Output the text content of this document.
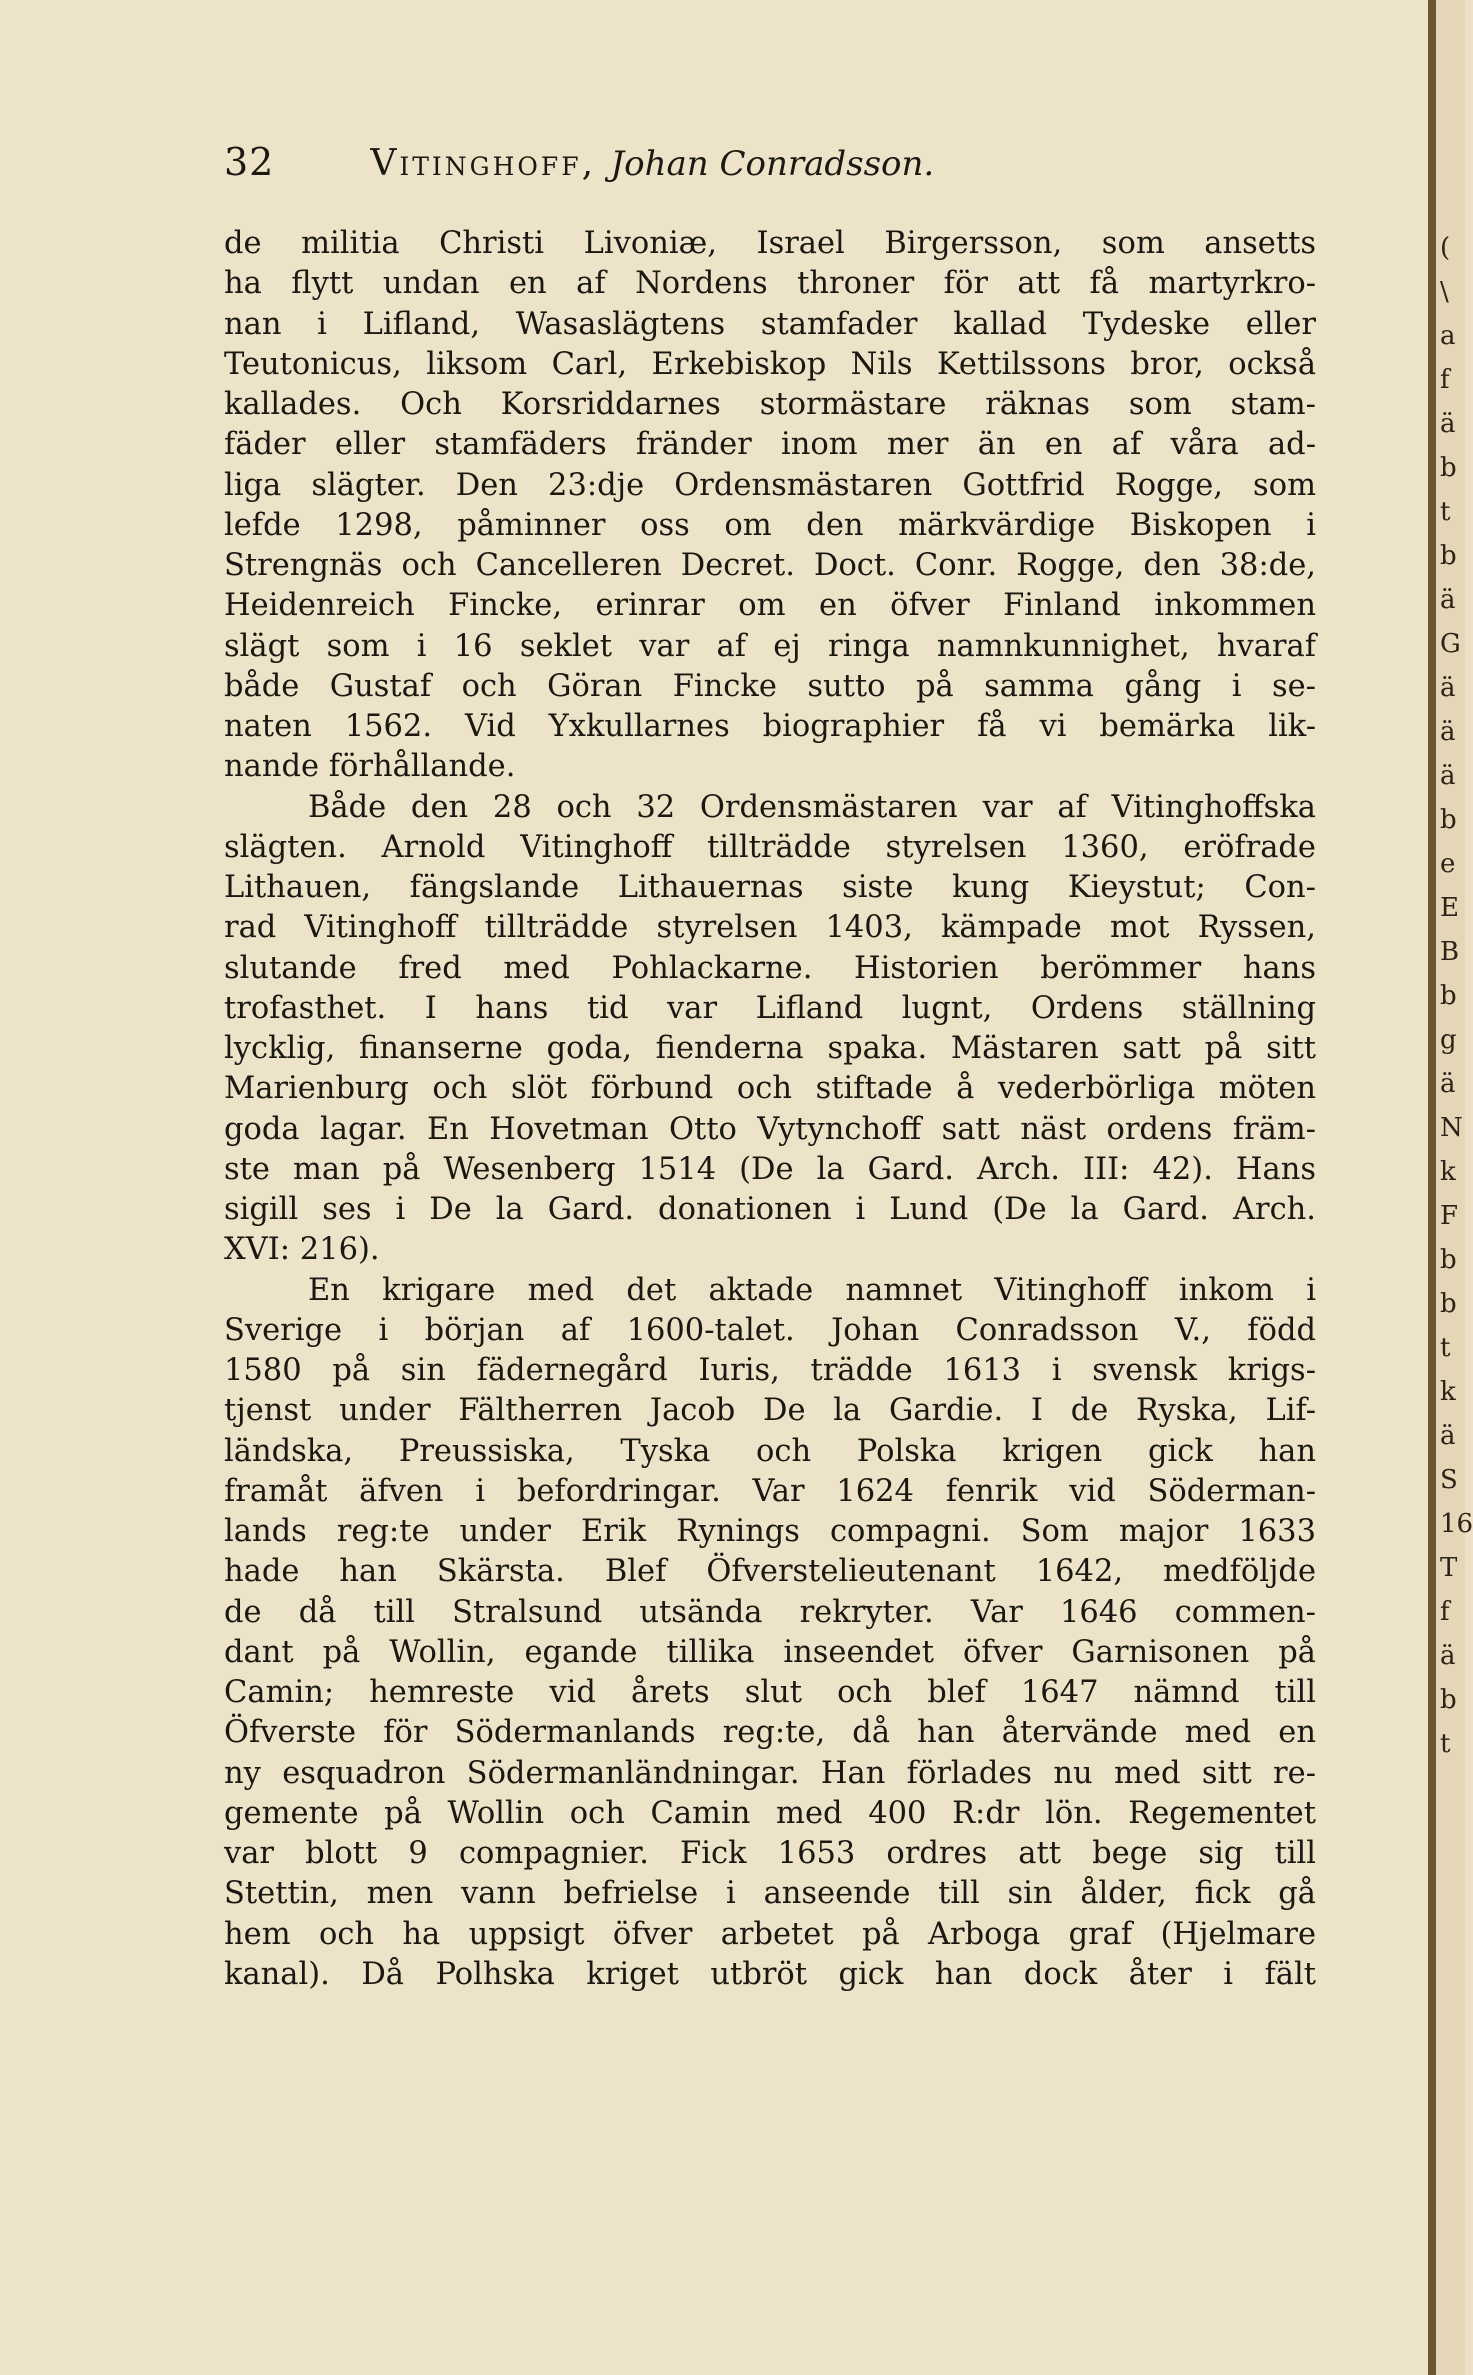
32	Vitinghoff, Johan Conradsson.
de militia Christi Livoniæ, Israel Birgersson, som ansetts
ha flytt undan en af Nordens throner för att få martyrkro-
nan i Lifland, Wasaslägtens stamfader kallad Tydeske eller
Teutonicus, liksom Carl, Erkebiskop Nils Kettilssons bror, också
kallades. Och Korsriddarnes stormästare räknas som stam-
fäder eller stamfäders fränder inom mer än en af våra ad-
liga slägter. Den 23:dje Ordensmästaren Gottfrid Rogge, som
lefde 1298, påminner oss om den märkvärdige Biskopen i
Strengnäs och Cancelleren Decret. Doct. Conr. Rogge, den 38:de,
Heidenreich Fincke, erinrar om en öfver Finland inkommen
slägt som i 16 seklet var af ej ringa namnkunnighet, hvaraf
både Gustaf och Göran Fincke sutto på samma gång i se-
naten 1562. Vid Yxkullarnes biographier få vi bemärka lik-
nande förhållande.
Både den 28 och 32 Ordensmästaren var af Vitinghoffska
slägten. Arnold Vitinghoff tillträdde styrelsen 1360, eröfrade
Lithauen, fängslande Lithauernas siste kung Kieystut; Con-
rad Vitinghoff tillträdde styrelsen 1403, kämpade mot Ryssen,
slutande fred med Pohlackarne. Historien berömmer hans
trofasthet. I hans tid var Lifland lugnt, Ordens ställning
lycklig, finanserne goda, fienderna spaka. Mästaren satt på sitt
Marienburg och slöt förbund och stiftade å vederbörliga möten
goda lagar. En Hovetman Otto Vytynchoff satt näst ordens främ-
ste man på Wesenberg 1514 (De la Gard. Arch. III: 42). Hans
sigill ses i De la Gard. donationen i Lund (De la Gard. Arch.
XVI: 216).
En krigare med det aktade namnet Vitinghoff inkom i
Sverige i början af 1600-talet. Johan Conradsson V., född
1580 på sin fädernegård Iuris, trädde 1613 i svensk krigs-
tjenst under Fältherren Jacob De la Gardie. I de Ryska, Lif-
ländska, Preussiska, Tyska och Polska krigen gick han
framåt äfven i befordringar. Var 1624 fenrik vid Söderman-
lands reg:te under Erik Rynings compagni. Som major 1633
hade han Skärsta. Blef Öfverstelieutenant 1642, medföljde
de då till Stralsund utsända rekryter. Var 1646 commen-
dant på Wollin, egande tillika inseendet öfver Garnisonen på
Camin; hemreste vid årets slut och blef 1647 nämnd till
Öfverste för Södermanlands reg:te, då han återvände med en
ny esquadron Södermanländningar. Han förlades nu med sitt re-
gemente på Wollin och Camin med 400 R:dr lön. Regementet
var blott 9 compagnier. Fick 1653 ordres att bege sig till
Stettin, men vann befrielse i anseende till sin ålder, fick gå
hem och ha uppsigt öfver arbetet på Arboga graf (Hjelmare
kanal). Då Polhska kriget utbröt gick han dock åter i fält
(
\
a
f
ä
b
t
b
ä
G
ä
ä
ä
b
e
E
B
b
g
ä
N
k
F
b
b
t
k
ä
S
16
T
f
ä
b
t
